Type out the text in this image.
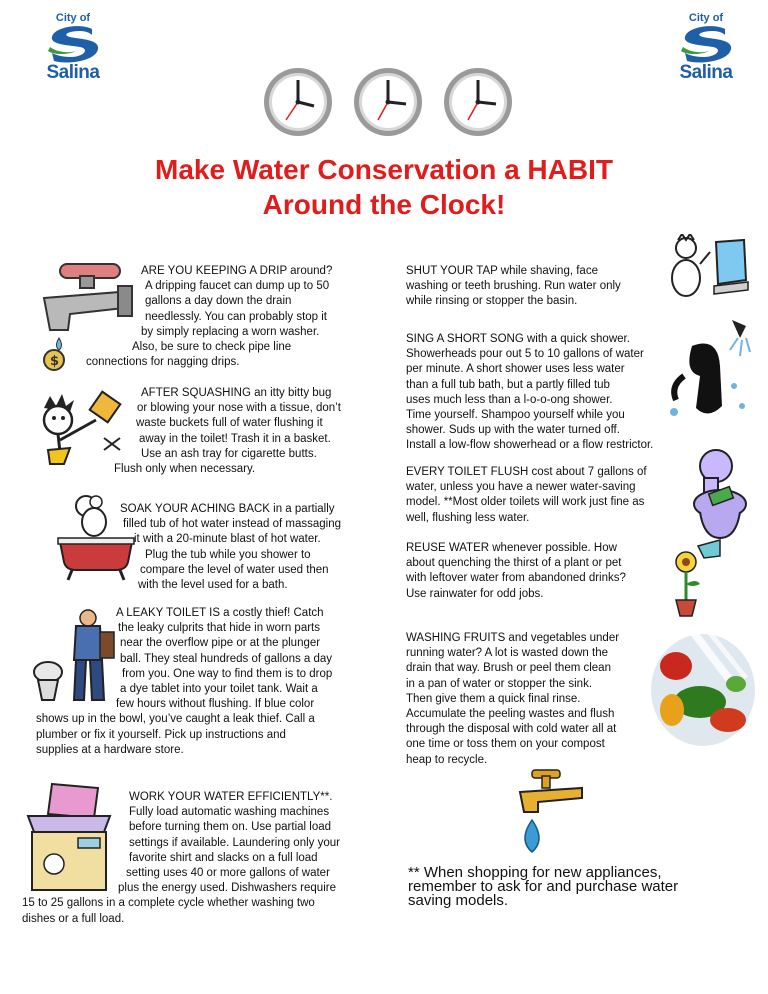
City of
Salina
City of
Salina
Make Water Conservation a HABIT
Around the Clock!
$
ARE YOU KEEPING A DRIP around?
A dripping faucet can dump up to 50
gallons a day down the drain
needlessly. You can probably stop it
by simply replacing a worn washer.
Also, be sure to check pipe line
connections for nagging drips.
AFTER SQUASHING an itty bitty bug
or blowing your nose with a tissue, don’t
waste buckets full of water flushing it
away in the toilet! Trash it in a basket.
Use an ash tray for cigarette butts.
Flush only when necessary.
SOAK YOUR ACHING BACK in a partially
filled tub of hot water instead of massaging
it with a 20-minute blast of hot water.
Plug the tub while you shower to
compare the level of water used then
with the level used for a bath.
A LEAKY TOILET IS a costly thief! Catch
the leaky culprits that hide in worn parts
near the overflow pipe or at the plunger
ball. They steal hundreds of gallons a day
from you. One way to find them is to drop
a dye tablet into your toilet tank. Wait a
few hours without flushing. If blue color
shows up in the bowl, you’ve caught a leak thief. Call a
plumber or fix it yourself. Pick up instructions and
supplies at a hardware store.
WORK YOUR WATER EFFICIENTLY**.
Fully load automatic washing machines
before turning them on. Use partial load
settings if available. Laundering only your
favorite shirt and slacks on a full load
setting uses 40 or more gallons of water
plus the energy used. Dishwashers require
15 to 25 gallons in a complete cycle whether washing two
dishes or a full load.
SHUT YOUR TAP while shaving, face
washing or teeth brushing. Run water only
while rinsing or stopper the basin.
SING A SHORT SONG with a quick shower.
Showerheads pour out 5 to 10 gallons of water
per minute. A short shower uses less water
than a full tub bath, but a partly filled tub
uses much less than a l-o-o-ong shower.
Time yourself. Shampoo yourself while you
shower. Suds up with the water turned off.
Install a low-flow showerhead or a flow restrictor.
EVERY TOILET FLUSH cost about 7 gallons of
water, unless you have a newer water-saving
model. **Most older toilets will work just fine as
well, flushing less water.
REUSE WATER whenever possible. How
about quenching the thirst of a plant or pet
with leftover water from abandoned drinks?
Use rainwater for odd jobs.
WASHING FRUITS and vegetables under
running water? A lot is wasted down the
drain that way. Brush or peel them clean
in a pan of water or stopper the sink.
Then give them a quick final rinse.
Accumulate the peeling wastes and flush
through the disposal with cold water all at
one time or toss them on your compost
heap to recycle.
** When shopping for new appliances,
remember to ask for and purchase water
saving models.
